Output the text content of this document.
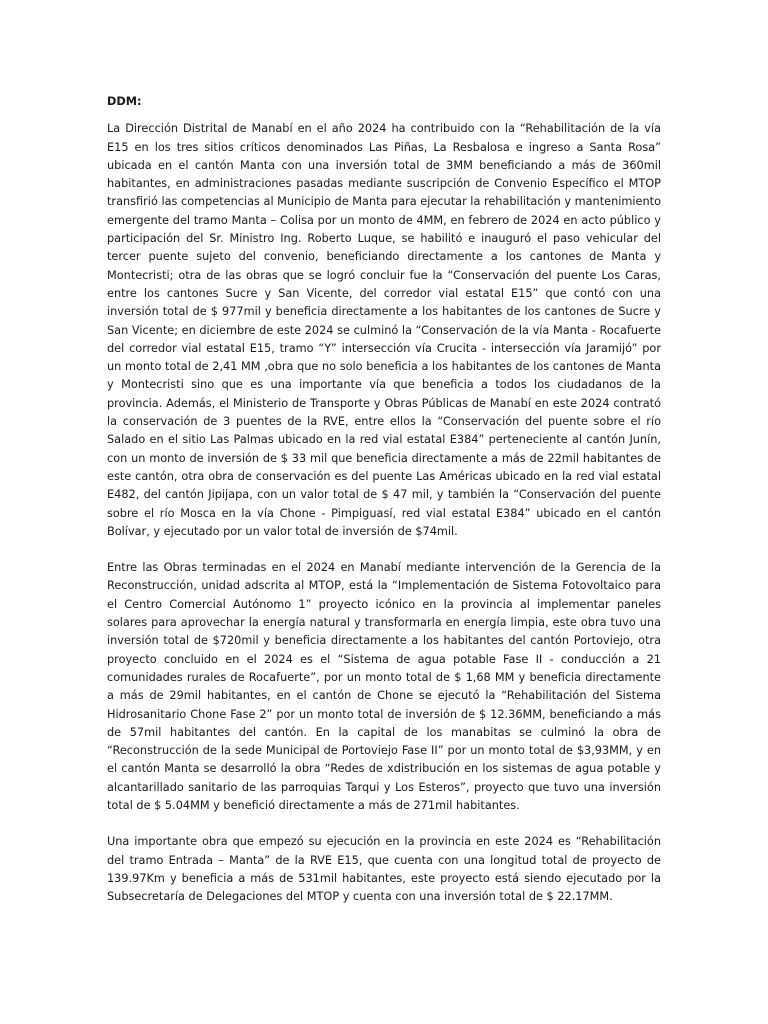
DDM:

La Dirección Distrital de Manabí en el año 2024 ha contribuido con la “Rehabilitación de la vía E15 en los tres sitios críticos denominados Las Piñas, La Resbalosa e ingreso a Santa Rosa” ubicada en el cantón Manta con una inversión total de 3MM beneficiando a más de 360mil habitantes, en administraciones pasadas mediante suscripción de Convenio Específico el MTOP transfirió las competencias al Municipio de Manta para ejecutar la rehabilitación y mantenimiento emergente del tramo Manta – Colisa por un monto de 4MM, en febrero de 2024 en acto público y participación del Sr. Ministro Ing. Roberto Luque, se habilitó e inauguró el paso vehicular del tercer puente sujeto del convenio, beneficiando directamente a los cantones de Manta y Montecristi; otra de las obras que se logró concluir fue la “Conservación del puente Los Caras, entre los cantones Sucre y San Vicente, del corredor vial estatal E15” que contó con una inversión total de $ 977mil y beneficia directamente a los habitantes de los cantones de Sucre y San Vicente; en diciembre de este 2024 se culminó la “Conservación de la vía Manta - Rocafuerte del corredor vial estatal E15, tramo “Y” intersección vía Crucita - intersección vía Jaramijó” por un monto total de 2,41 MM ,obra que no solo beneficia a los habitantes de los cantones de Manta y Montecristi sino que es una importante vía que beneficia a todos los ciudadanos de la provincia. Además, el Ministerio de Transporte y Obras Públicas de Manabí en este 2024 contrató la conservación de 3 puentes de la RVE, entre ellos la “Conservación del puente sobre el río Salado en el sitio Las Palmas ubicado en la red vial estatal E384” perteneciente al cantón Junín, con un monto de inversión de $ 33 mil que beneficia directamente a más de 22mil habitantes de este cantón, otra obra de conservación es del puente Las Américas ubicado en la red vial estatal E482, del cantón Jipijapa, con un valor total de $ 47 mil, y también la “Conservación del puente sobre el río Mosca en la vía Chone - Pimpiguasí, red vial estatal E384” ubicado en el cantón Bolívar, y ejecutado por un valor total de inversión de $74mil.

Entre las Obras terminadas en el 2024 en Manabí mediante intervención de la Gerencia de la Reconstrucción, unidad adscrita al MTOP, está la “Implementación de Sistema Fotovoltaico para el Centro Comercial Autónomo 1” proyecto icónico en la provincia al implementar paneles solares para aprovechar la energía natural y transformarla en energía limpia, este obra tuvo una inversión total de $720mil y beneficia directamente a los habitantes del cantón Portoviejo, otra proyecto concluido en el 2024 es el “Sistema de agua potable Fase II - conducción a 21 comunidades rurales de Rocafuerte”, por un monto total de $ 1,68 MM y beneficia directamente a más de 29mil habitantes, en el cantón de Chone se ejecutó la “Rehabilitación del Sistema Hidrosanitario Chone Fase 2” por un monto total de inversión de $ 12.36MM, beneficiando a más de 57mil habitantes del cantón. En la capital de los manabitas se culminó la obra de “Reconstrucción de la sede Municipal de Portoviejo Fase II” por un monto total de $3,93MM, y en el cantón Manta se desarrolló la obra “Redes de xdistribución en los sistemas de agua potable y alcantarillado sanitario de las parroquias Tarqui y Los Esteros”, proyecto que tuvo una inversión total de $ 5.04MM y benefició directamente a más de 271mil habitantes.

Una importante obra que empezó su ejecución en la provincia en este 2024 es “Rehabilitación del tramo Entrada – Manta” de la RVE E15, que cuenta con una longitud total de proyecto de 139.97Km y beneficia a más de 531mil habitantes, este proyecto está siendo ejecutado por la Subsecretaría de Delegaciones del MTOP y cuenta con una inversión total de $ 22.17MM.
